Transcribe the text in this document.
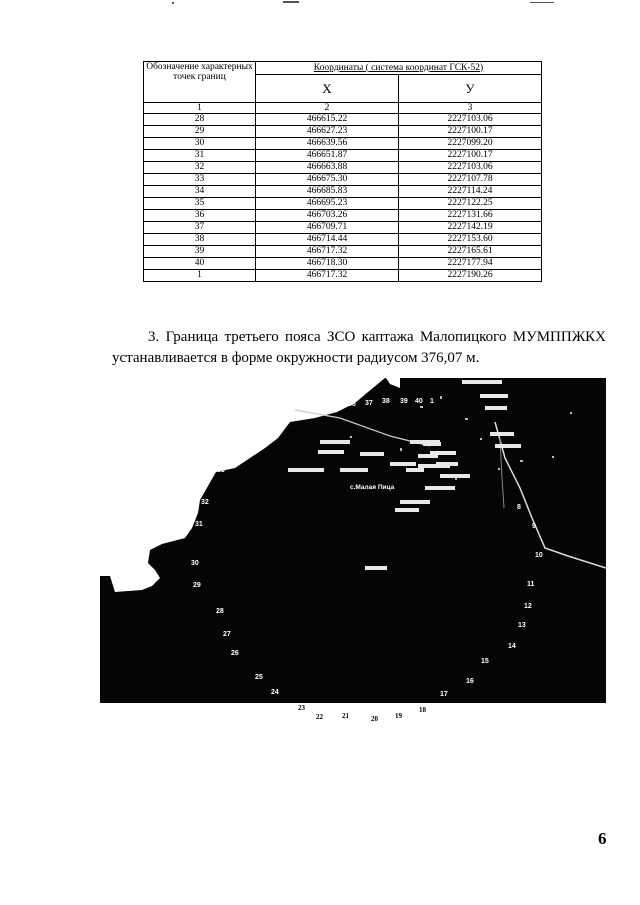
Обозначение характерных точек границ	Координаты ( система координат ГСК-52)	
	X	У
1	2	3
28	466615.22	2227103.06
29	466627.23	2227100.17
30	466639.56	2227099.20
31	466651.87	2227100.17
32	466663.88	2227103.06
33	466675.30	2227107.78
34	466685.83	2227114.24
35	466695.23	2227122.25
36	466703.26	2227131.66
37	466709.71	2227142.19
38	466714.44	2227153.60
39	466717.32	2227165.61
40	466718.30	2227177.94
1	466717.32	2227190.26

3. Граница третьего пояса ЗСО каптажа Малопицкого МУМППЖКХ устанавливается в форме окружности радиусом 376,07 м.

с.Малая Пица
32
31
30
29
28
27
26
25
24
33
34	35	36 37 38 39 40 1
8
9
10
11
12
13
14
15
16
17
23
22	21	20 19
18
6
